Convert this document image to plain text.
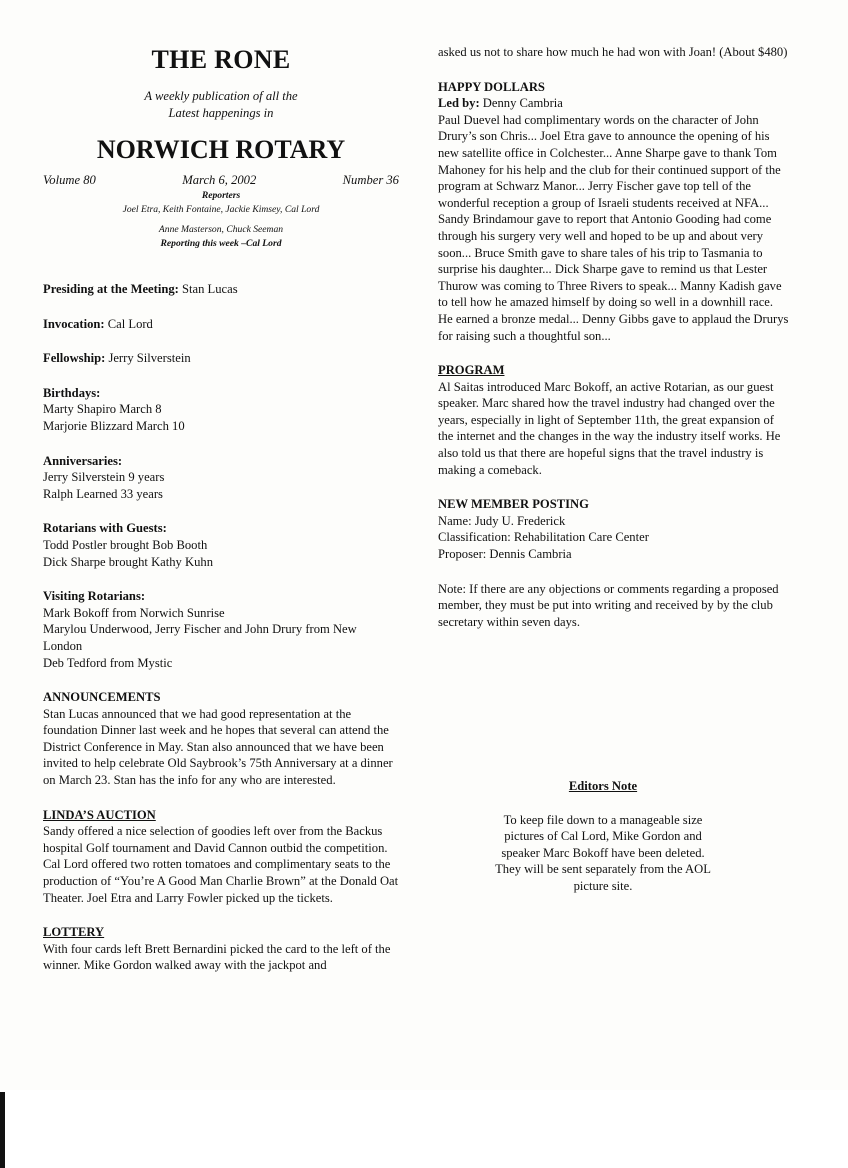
THE RONE
A weekly publication of all the
Latest happenings in
NORWICH ROTARY
Volume 80	March 6, 2002	Number 36
Reporters
Joel Etra, Keith Fontaine, Jackie Kimsey, Cal Lord
Anne Masterson, Chuck Seeman
Reporting this week –Cal Lord
Presiding at the Meeting: Stan Lucas
Invocation: Cal Lord
Fellowship: Jerry Silverstein
Birthdays:
Marty Shapiro March 8
Marjorie Blizzard March 10
Anniversaries:
Jerry Silverstein 9 years
Ralph Learned 33 years
Rotarians with Guests:
Todd Postler brought Bob Booth
Dick Sharpe brought Kathy Kuhn
Visiting Rotarians:
Mark Bokoff from Norwich Sunrise
Marylou Underwood, Jerry Fischer and John Drury from New London
Deb Tedford from Mystic
ANNOUNCEMENTS

Stan Lucas announced that we had good representation at the foundation Dinner last week and he hopes that several can attend the District Conference in May. Stan also announced that we have been invited to help celebrate Old Saybrook’s 75th Anniversary at a dinner on March 23. Stan has the info for any who are interested.

LINDA’S AUCTION

Sandy offered a nice selection of goodies left over from the Backus hospital Golf tournament and David Cannon outbid the competition. Cal Lord offered two rotten tomatoes and complimentary seats to the production of “You’re A Good Man Charlie Brown” at the Donald Oat Theater. Joel Etra and Larry Fowler picked up the tickets.

LOTTERY

With four cards left Brett Bernardini picked the card to the left of the winner. Mike Gordon walked away with the jackpot and

asked us not to share how much he had won with Joan! (About $480)

HAPPY DOLLARS
Led by: Denny Cambria

Paul Duevel had complimentary words on the character of John Drury’s son Chris... Joel Etra gave to announce the opening of his new satellite office in Colchester... Anne Sharpe gave to thank Tom Mahoney for his help and the club for their continued support of the program at Schwarz Manor... Jerry Fischer gave top tell of the wonderful reception a group of Israeli students received at NFA... Sandy Brindamour gave to report that Antonio Gooding had come through his surgery very well and hoped to be up and about very soon... Bruce Smith gave to share tales of his trip to Tasmania to surprise his daughter... Dick Sharpe gave to remind us that Lester Thurow was coming to Three Rivers to speak... Manny Kadish gave to tell how he amazed himself by doing so well in a downhill race. He earned a bronze medal... Denny Gibbs gave to applaud the Drurys for raising such a thoughtful son...

PROGRAM

Al Saitas introduced Marc Bokoff, an active Rotarian, as our guest speaker. Marc shared how the travel industry had changed over the years, especially in light of September 11th, the great expansion of the internet and the changes in the way the industry itself works. He also told us that there are hopeful signs that the travel industry is making a comeback.

NEW MEMBER POSTING
Name: Judy U. Frederick
Classification: Rehabilitation Care Center
Proposer: Dennis Cambria

Note: If there are any objections or comments regarding a proposed member, they must be put into writing and received by by the club secretary within seven days.

Editors Note

To keep file down to a manageable size pictures of Cal Lord, Mike Gordon and speaker Marc Bokoff have been deleted. They will be sent separately from the AOL picture site.
